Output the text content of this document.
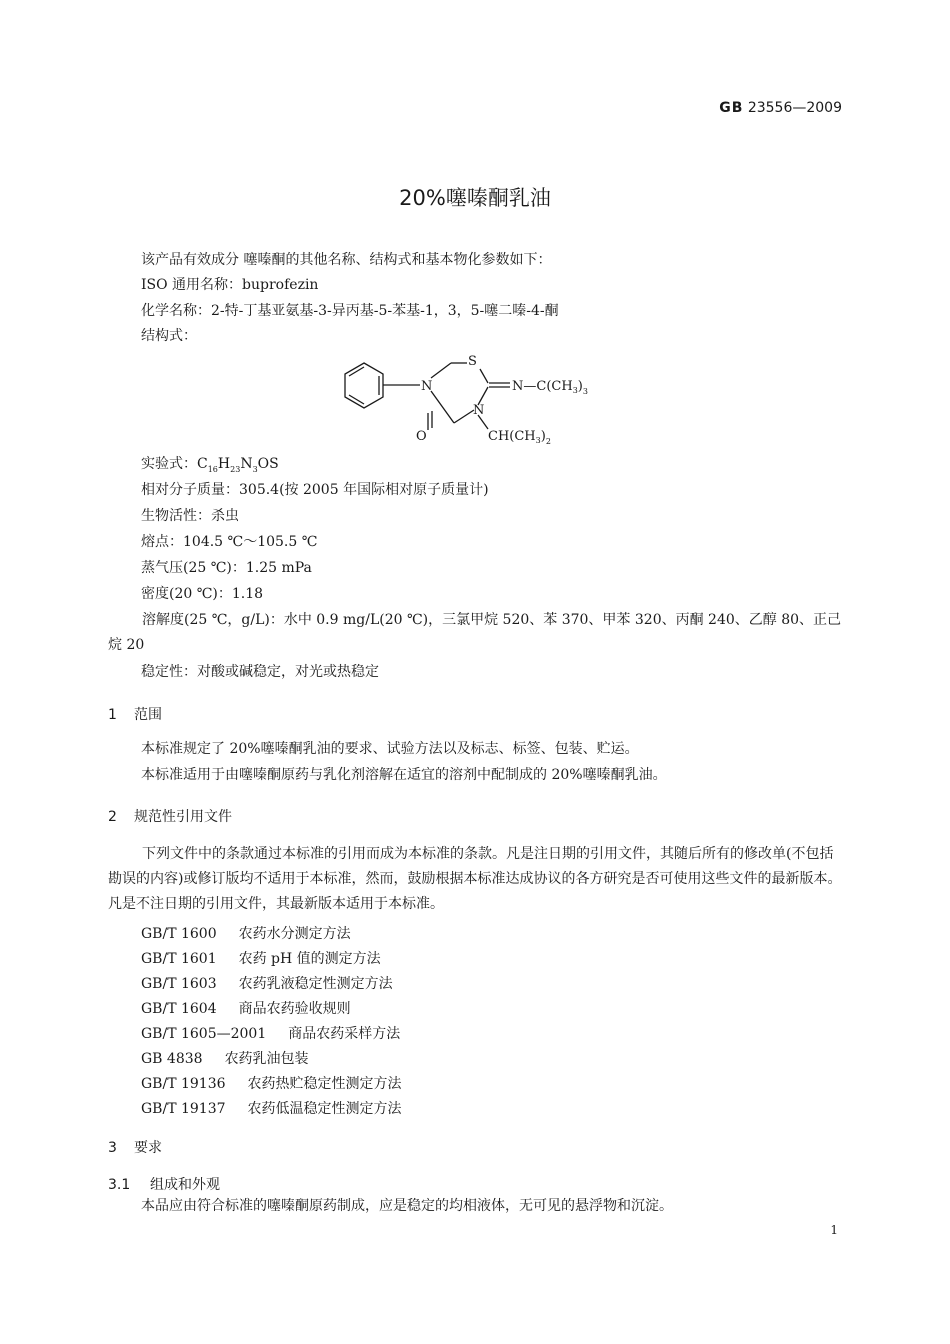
GB 23556—2009
20%噻嗪酮乳油
该产品有效成分 噻嗪酮的其他名称、结构式和基本物化参数如下：
ISO 通用名称：buprofezin
化学名称：2-特-丁基亚氨基-3-异丙基-5-苯基-1，3，5-噻二嗪-4-酮
结构式：
S
N
N
$N—C(CH_3)_3$
O	$CH(CH_3)_2$
实验式：$C_{16}H_{23}N_3OS$
相对分子质量：305.4(按 2005 年国际相对原子质量计)
生物活性：杀虫
熔点：104.5 ℃～105.5 ℃
蒸气压(25 ℃)：1.25 mPa
密度(20 ℃)：1.18
溶解度(25 ℃，g/L)：水中 0.9 mg/L(20 ℃)，三氯甲烷 520、苯 370、甲苯 320、丙酮 240、乙醇 80、正己烷 20
稳定性：对酸或碱稳定，对光或热稳定
1 范围
本标准规定了 20%噻嗪酮乳油的要求、试验方法以及标志、标签、包装、贮运。
本标准适用于由噻嗪酮原药与乳化剂溶解在适宜的溶剂中配制成的 20%噻嗪酮乳油。
2 规范性引用文件
下列文件中的条款通过本标准的引用而成为本标准的条款。凡是注日期的引用文件，其随后所有的修改单(不包括勘误的内容)或修订版均不适用于本标准，然而，鼓励根据本标准达成协议的各方研究是否可使用这些文件的最新版本。凡是不注日期的引用文件，其最新版本适用于本标准。
GB/T 1600 农药水分测定方法
GB/T 1601 农药 pH 值的测定方法
GB/T 1603 农药乳液稳定性测定方法
GB/T 1604 商品农药验收规则
GB/T 1605—2001 商品农药采样方法
GB 4838 农药乳油包装
GB/T 19136 农药热贮稳定性测定方法
GB/T 19137 农药低温稳定性测定方法
3 要求
3.1 组成和外观
本品应由符合标准的噻嗪酮原药制成，应是稳定的均相液体，无可见的悬浮物和沉淀。
1
